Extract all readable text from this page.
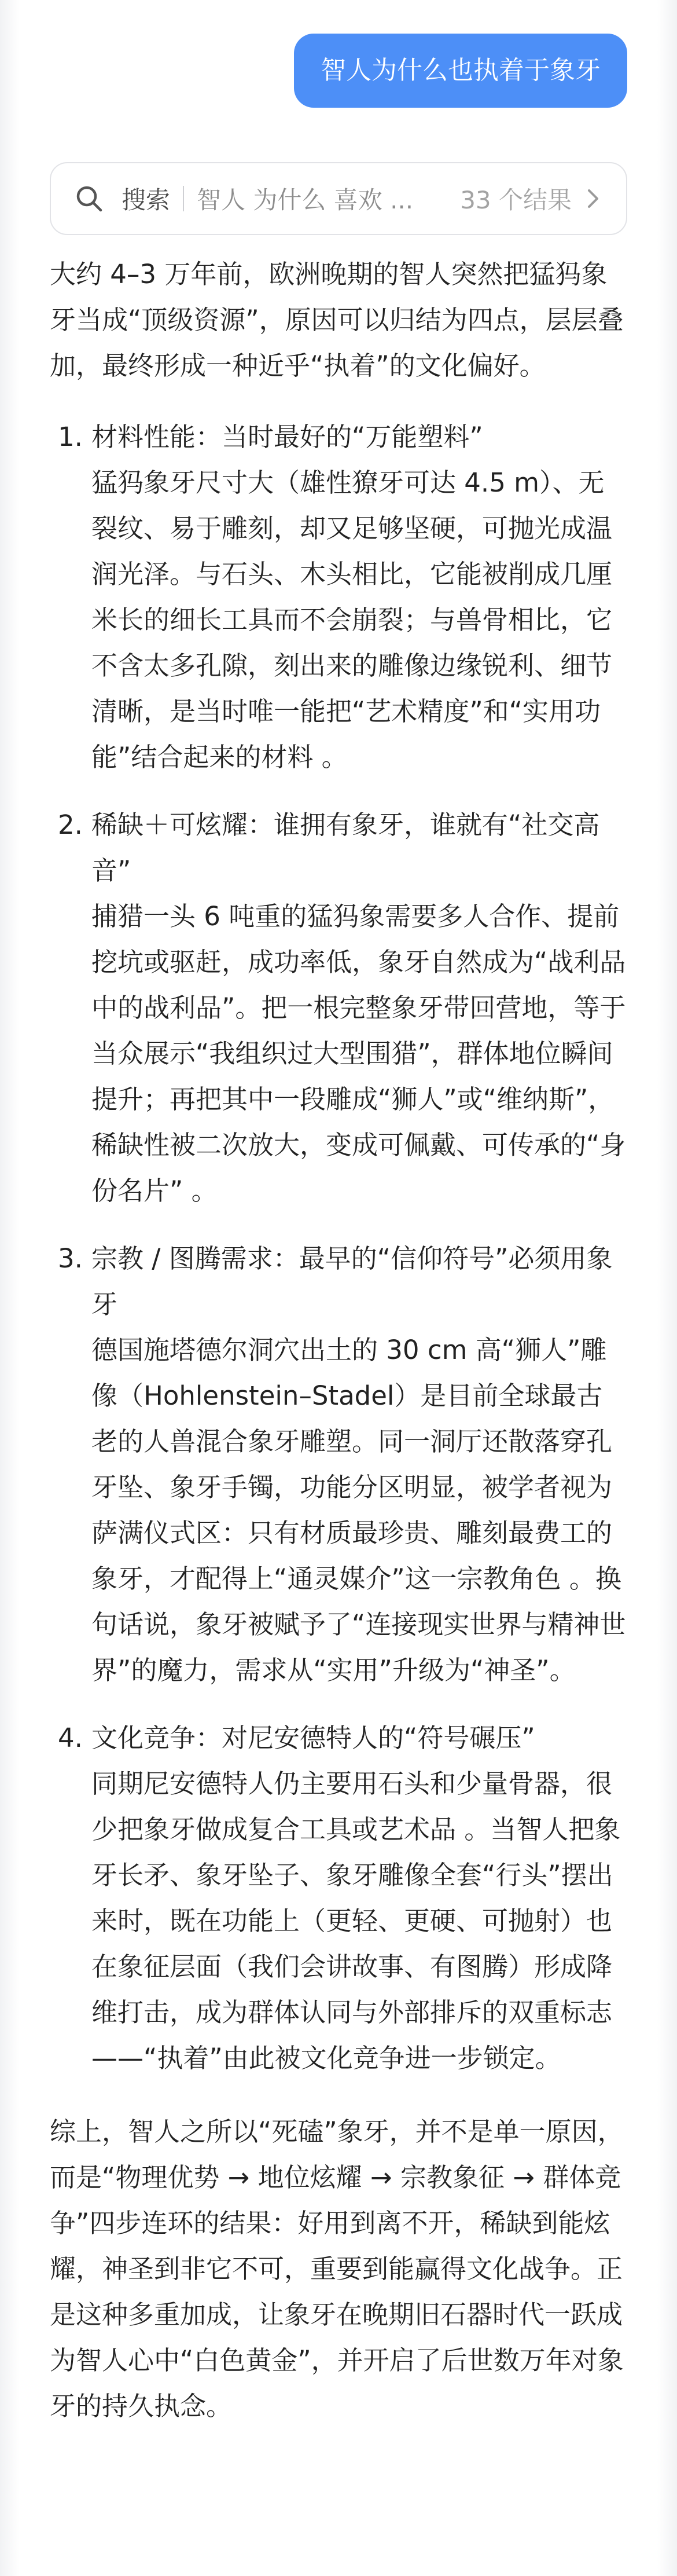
智人为什么也执着于象牙
搜索 智人 为什么 喜欢 ...	33 个结果

大约 4–3 万年前，欧洲晚期的智人突然把猛犸象牙当成“顶级资源”，原因可以归结为四点，层层叠加，最终形成一种近乎“执着”的文化偏好。

1. 材料性能：当时最好的“万能塑料”
猛犸象牙尺寸大（雄性獠牙可达 4.5 m）、无裂纹、易于雕刻，却又足够坚硬，可抛光成温润光泽。与石头、木头相比，它能被削成几厘米长的细长工具而不会崩裂；与兽骨相比，它不含太多孔隙，刻出来的雕像边缘锐利、细节清晰，是当时唯一能把“艺术精度”和“实用功能”结合起来的材料 。
2. 稀缺＋可炫耀：谁拥有象牙，谁就有“社交高音”
捕猎一头 6 吨重的猛犸象需要多人合作、提前挖坑或驱赶，成功率低，象牙自然成为“战利品中的战利品”。把一根完整象牙带回营地，等于当众展示“我组织过大型围猎”，群体地位瞬间提升；再把其中一段雕成“狮人”或“维纳斯”，稀缺性被二次放大，变成可佩戴、可传承的“身份名片” 。
3. 宗教 / 图腾需求：最早的“信仰符号”必须用象牙
德国施塔德尔洞穴出土的 30 cm 高“狮人”雕像（Hohlenstein–Stadel）是目前全球最古老的人兽混合象牙雕塑。同一洞厅还散落穿孔牙坠、象牙手镯，功能分区明显，被学者视为萨满仪式区：只有材质最珍贵、雕刻最费工的象牙，才配得上“通灵媒介”这一宗教角色 。换句话说，象牙被赋予了“连接现实世界与精神世界”的魔力，需求从“实用”升级为“神圣”。
4. 文化竞争：对尼安德特人的“符号碾压”
同期尼安德特人仍主要用石头和少量骨器，很少把象牙做成复合工具或艺术品 。当智人把象牙长矛、象牙坠子、象牙雕像全套“行头”摆出来时，既在功能上（更轻、更硬、可抛射）也在象征层面（我们会讲故事、有图腾）形成降维打击，成为群体认同与外部排斥的双重标志——“执着”由此被文化竞争进一步锁定。

综上，智人之所以“死磕”象牙，并不是单一原因，而是“物理优势 → 地位炫耀 → 宗教象征 → 群体竞争”四步连环的结果：好用到离不开，稀缺到能炫耀，神圣到非它不可，重要到能赢得文化战争。正是这种多重加成，让象牙在晚期旧石器时代一跃成为智人心中“白色黄金”，并开启了后世数万年对象牙的持久执念。
